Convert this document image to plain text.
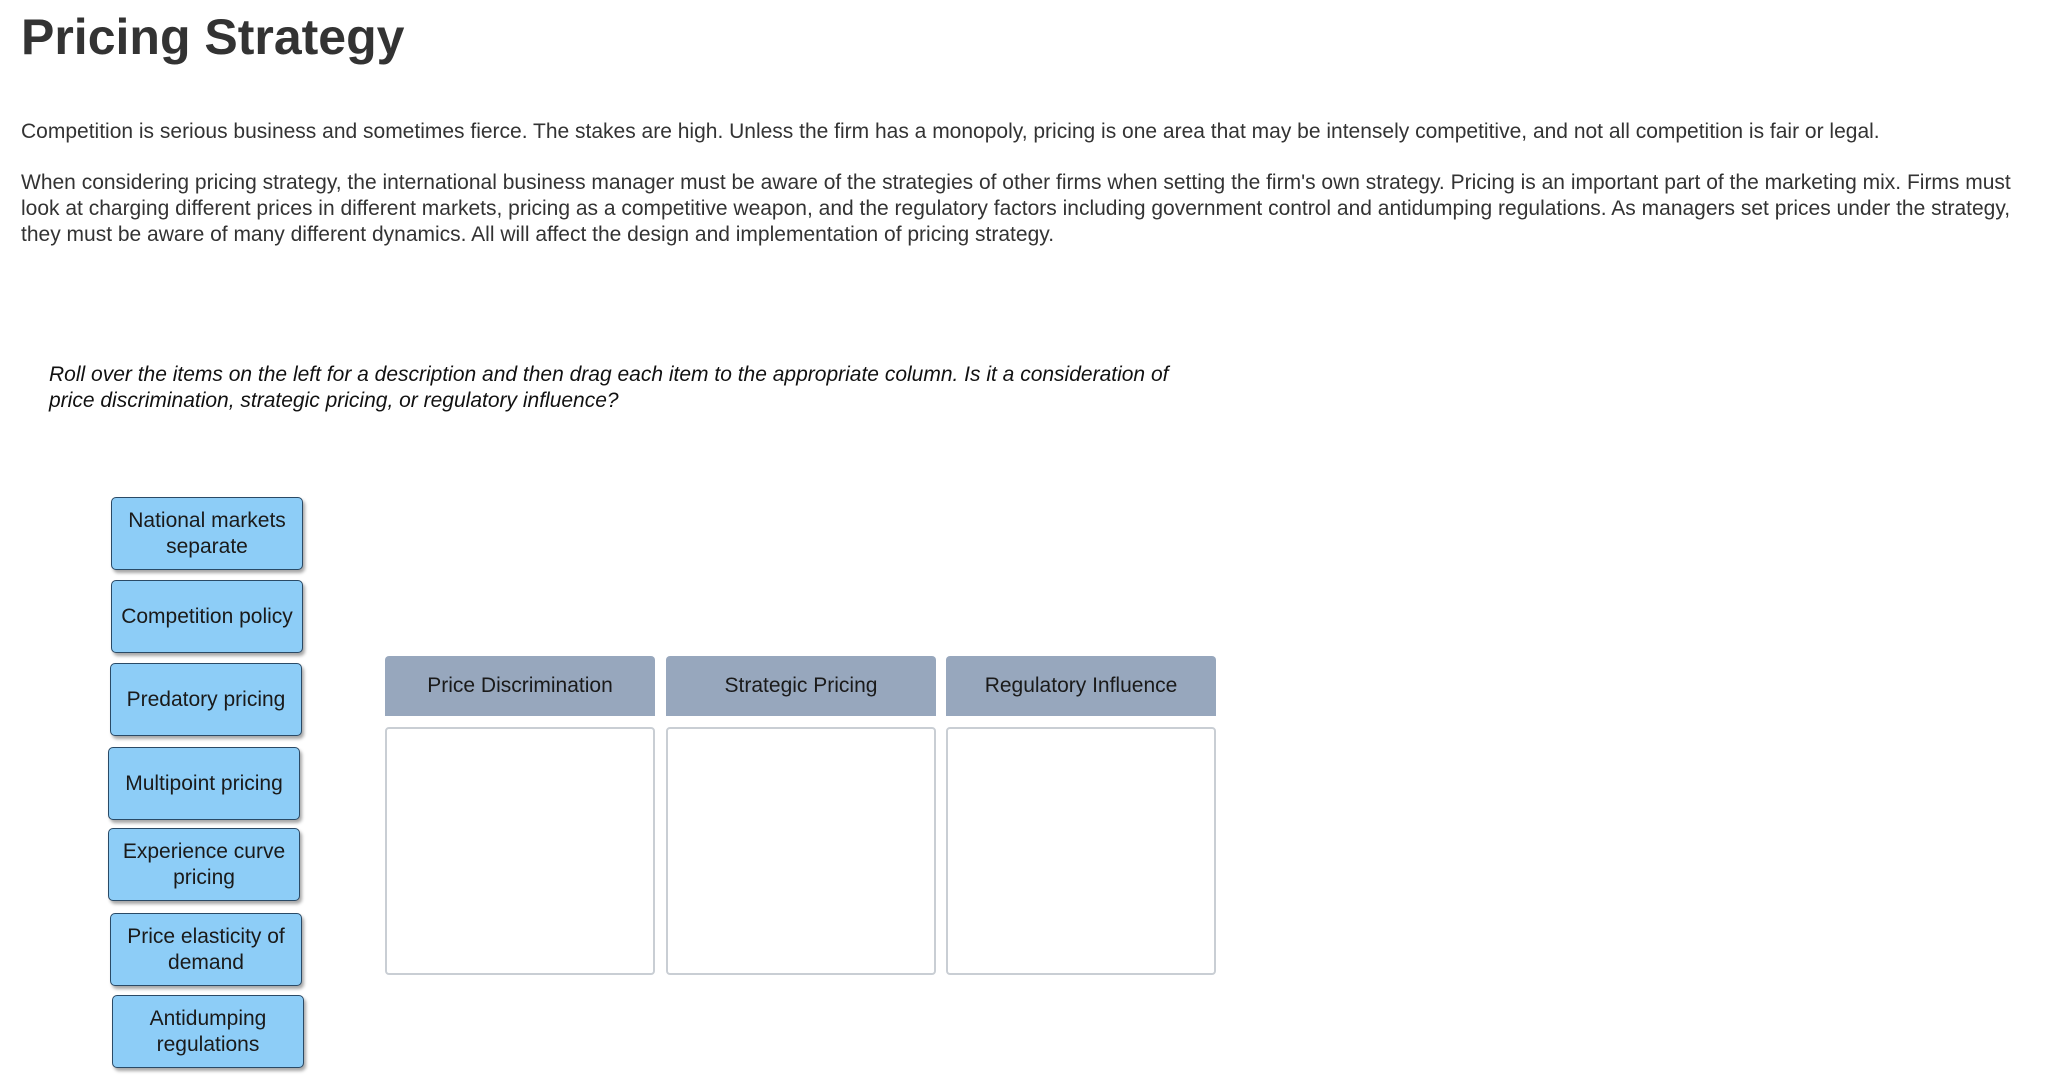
Pricing Strategy

Competition is serious business and sometimes fierce. The stakes are high. Unless the firm has a monopoly, pricing is one area that may be intensely competitive, and not all competition is fair or legal.

When considering pricing strategy, the international business manager must be aware of the strategies of other firms when setting the firm's own strategy. Pricing is an important part of the marketing mix. Firms must look at charging different prices in different markets, pricing as a competitive weapon, and the regulatory factors including government control and antidumping regulations. As managers set prices under the strategy, they must be aware of many different dynamics. All will affect the design and implementation of pricing strategy.

Roll over the items on the left for a description and then drag each item to the appropriate column. Is it a consideration of price discrimination, strategic pricing, or regulatory influence?

National markets separate
Competition policy
Predatory pricing
Multipoint pricing
Experience curve pricing
Price elasticity of demand
Antidumping regulations
Price Discrimination	Strategic Pricing	Regulatory Influence
